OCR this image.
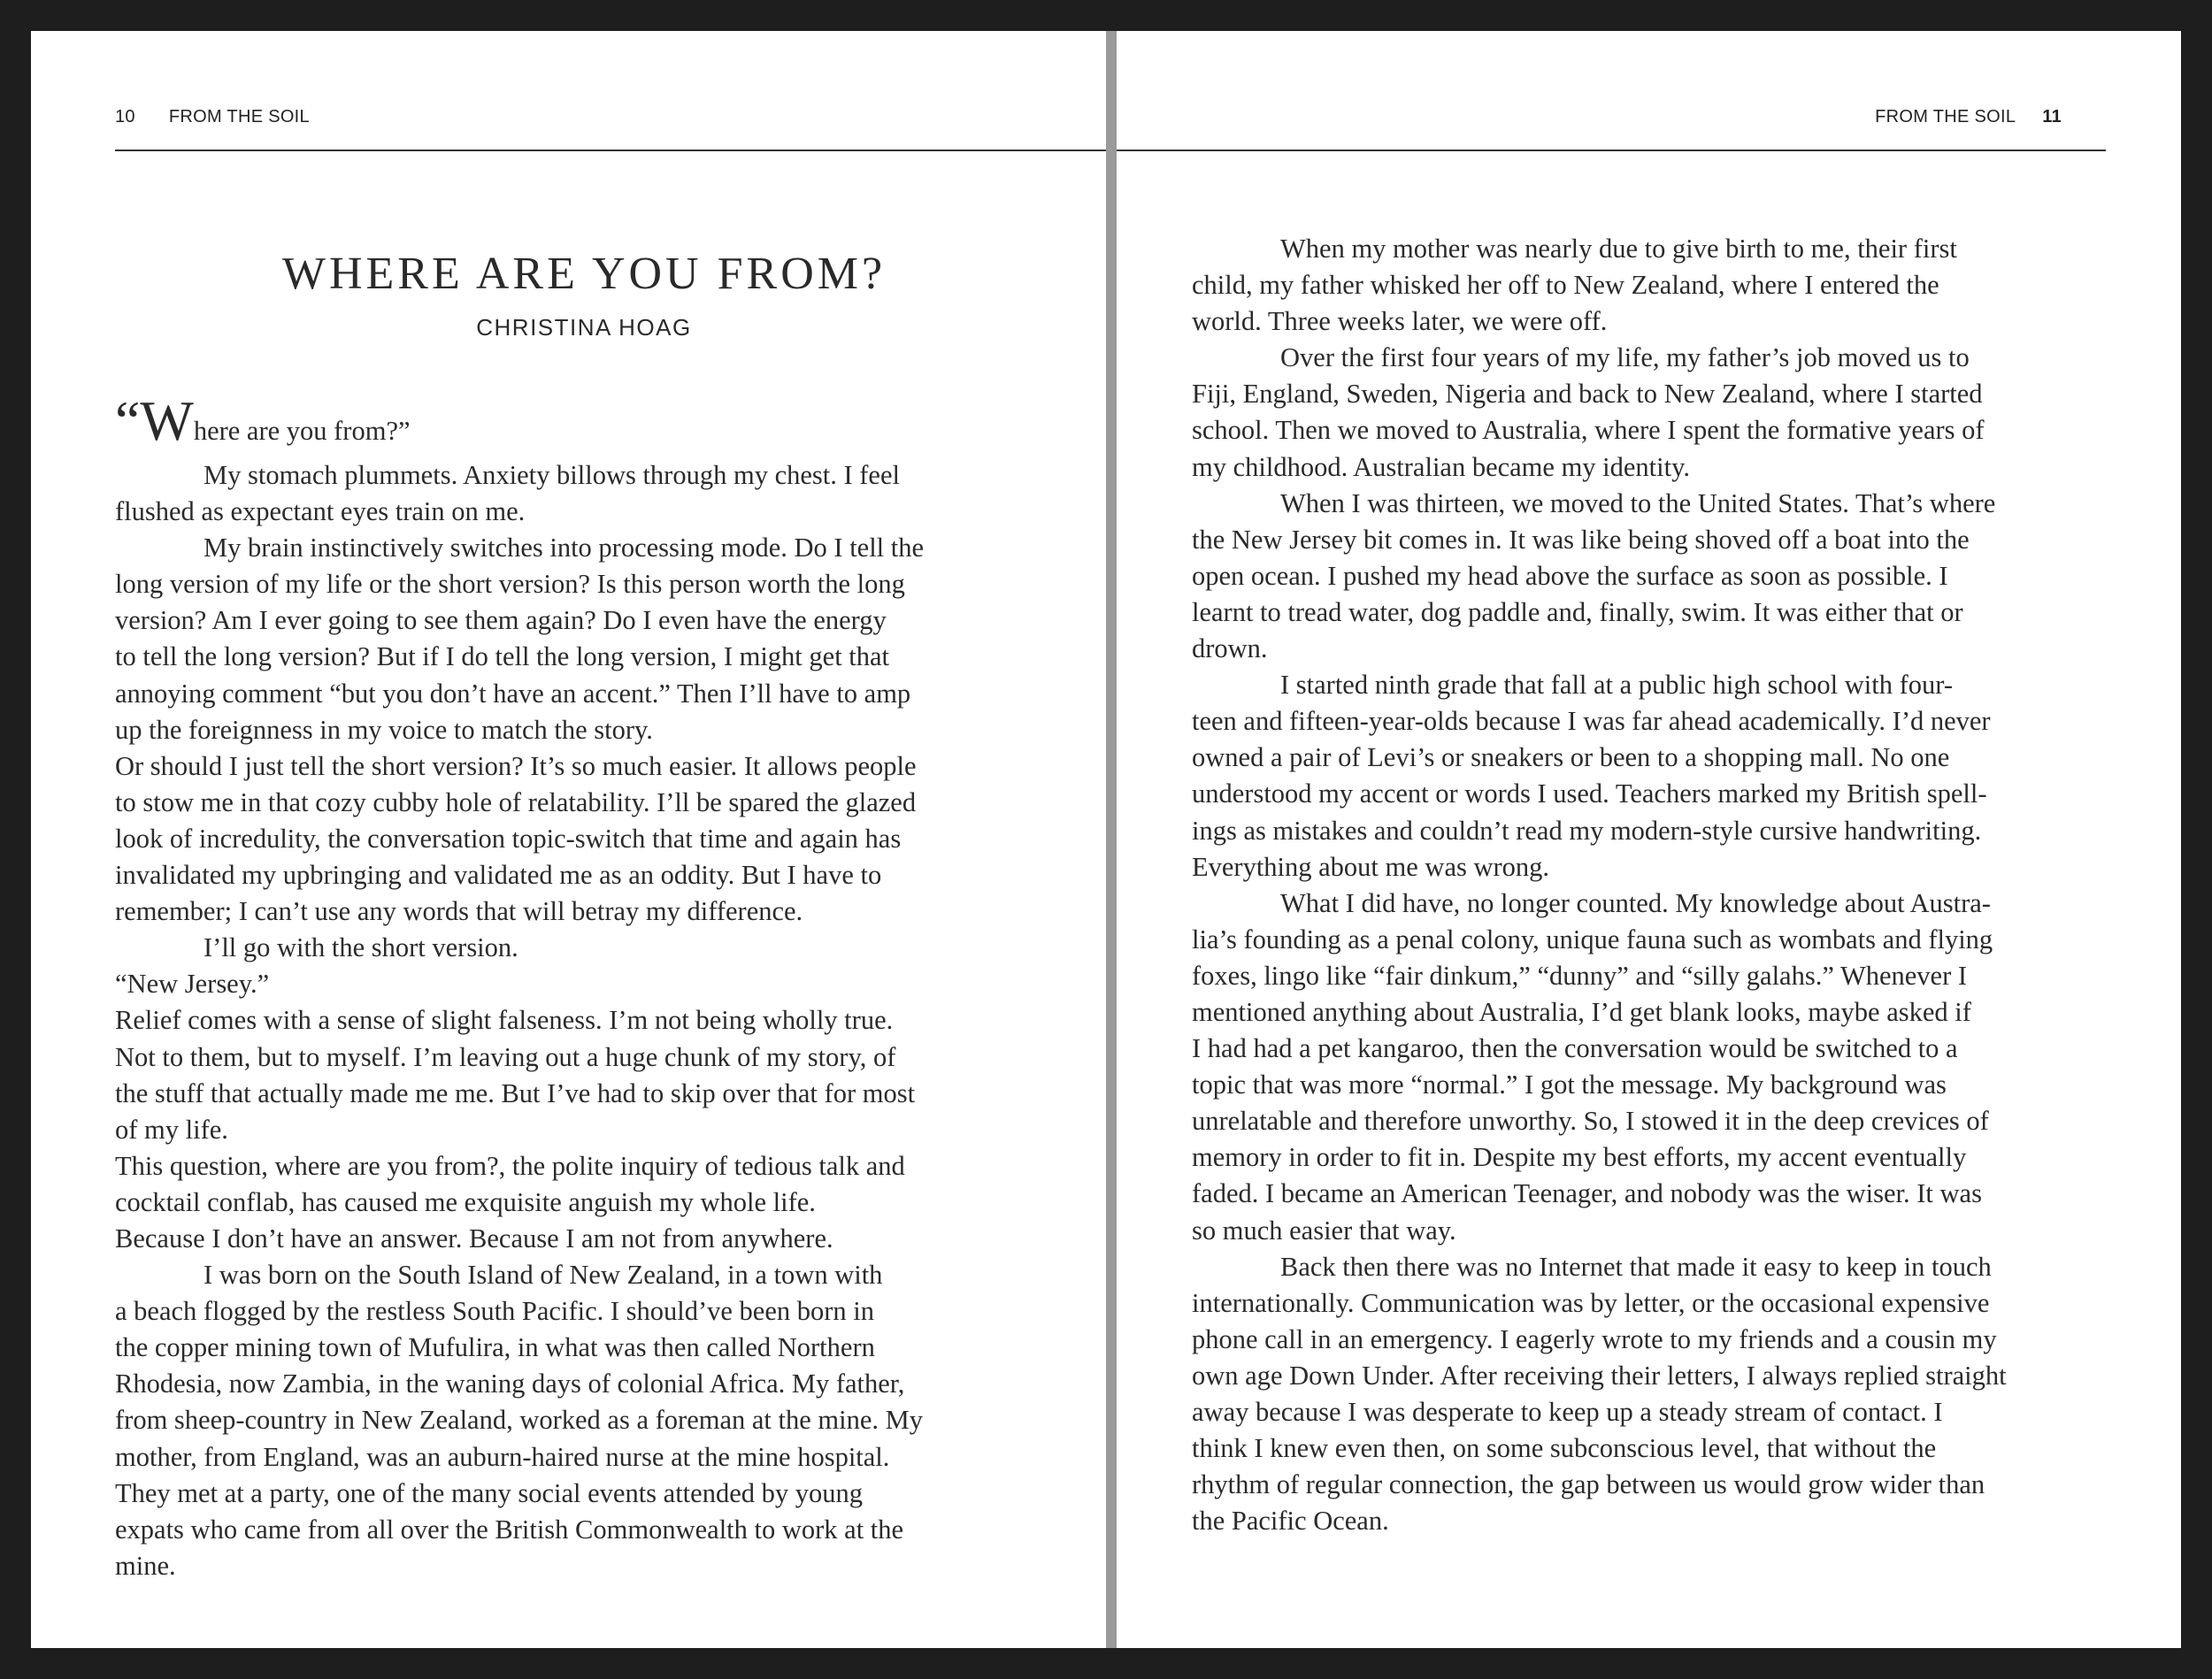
10 FROM THE SOIL
WHERE ARE YOU FROM?
CHRISTINA HOAG
“Where are you from?”
My stomach plummets. Anxiety billows through my chest. I feel
flushed as expectant eyes train on me.
My brain instinctively switches into processing mode. Do I tell the
long version of my life or the short version? Is this person worth the long
version? Am I ever going to see them again? Do I even have the energy
to tell the long version? But if I do tell the long version, I might get that
annoying comment “but you don’t have an accent.” Then I’ll have to amp
up the foreignness in my voice to match the story.
Or should I just tell the short version? It’s so much easier. It allows people
to stow me in that cozy cubby hole of relatability. I’ll be spared the glazed
look of incredulity, the conversation topic-switch that time and again has
invalidated my upbringing and validated me as an oddity. But I have to
remember; I can’t use any words that will betray my difference.
I’ll go with the short version.
“New Jersey.”
Relief comes with a sense of slight falseness. I’m not being wholly true.
Not to them, but to myself. I’m leaving out a huge chunk of my story, of
the stuff that actually made me me. But I’ve had to skip over that for most
of my life.
This question, where are you from?, the polite inquiry of tedious talk and
cocktail conflab, has caused me exquisite anguish my whole life.
Because I don’t have an answer. Because I am not from anywhere.
I was born on the South Island of New Zealand, in a town with
a beach flogged by the restless South Pacific. I should’ve been born in
the copper mining town of Mufulira, in what was then called Northern
Rhodesia, now Zambia, in the waning days of colonial Africa. My father,
from sheep-country in New Zealand, worked as a foreman at the mine. My
mother, from England, was an auburn-haired nurse at the mine hospital.
They met at a party, one of the many social events attended by young
expats who came from all over the British Commonwealth to work at the
mine.
FROM THE SOIL 11
When my mother was nearly due to give birth to me, their first
child, my father whisked her off to New Zealand, where I entered the
world. Three weeks later, we were off.
Over the first four years of my life, my father’s job moved us to
Fiji, England, Sweden, Nigeria and back to New Zealand, where I started
school. Then we moved to Australia, where I spent the formative years of
my childhood. Australian became my identity.
When I was thirteen, we moved to the United States. That’s where
the New Jersey bit comes in. It was like being shoved off a boat into the
open ocean. I pushed my head above the surface as soon as possible. I
learnt to tread water, dog paddle and, finally, swim. It was either that or
drown.
I started ninth grade that fall at a public high school with four-
teen and fifteen-year-olds because I was far ahead academically. I’d never
owned a pair of Levi’s or sneakers or been to a shopping mall. No one
understood my accent or words I used. Teachers marked my British spell-
ings as mistakes and couldn’t read my modern-style cursive handwriting.
Everything about me was wrong.
What I did have, no longer counted. My knowledge about Austra-
lia’s founding as a penal colony, unique fauna such as wombats and flying
foxes, lingo like “fair dinkum,” “dunny” and “silly galahs.” Whenever I
mentioned anything about Australia, I’d get blank looks, maybe asked if
I had had a pet kangaroo, then the conversation would be switched to a
topic that was more “normal.” I got the message. My background was
unrelatable and therefore unworthy. So, I stowed it in the deep crevices of
memory in order to fit in. Despite my best efforts, my accent eventually
faded. I became an American Teenager, and nobody was the wiser. It was
so much easier that way.
Back then there was no Internet that made it easy to keep in touch
internationally. Communication was by letter, or the occasional expensive
phone call in an emergency. I eagerly wrote to my friends and a cousin my
own age Down Under. After receiving their letters, I always replied straight
away because I was desperate to keep up a steady stream of contact. I
think I knew even then, on some subconscious level, that without the
rhythm of regular connection, the gap between us would grow wider than
the Pacific Ocean.
